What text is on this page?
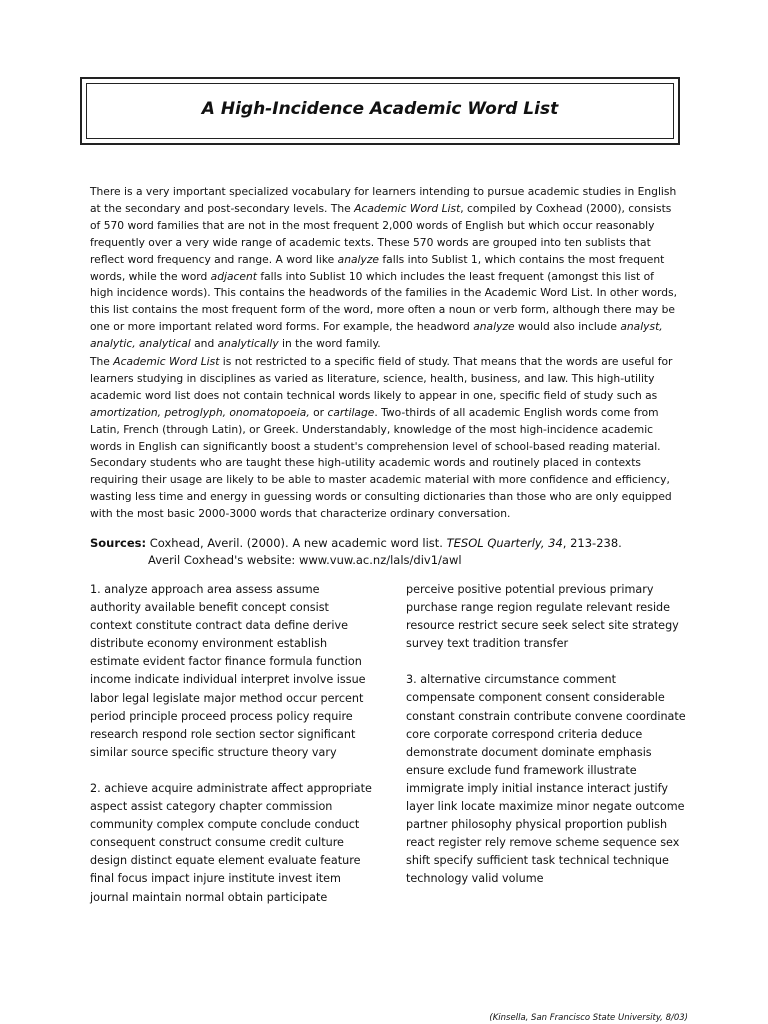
A High-Incidence Academic Word List

There is a very important specialized vocabulary for learners intending to pursue academic studies in English at the secondary and post-secondary levels. The Academic Word List, compiled by Coxhead (2000), consists of 570 word families that are not in the most frequent 2,000 words of English but which occur reasonably frequently over a very wide range of academic texts. These 570 words are grouped into ten sublists that reflect word frequency and range. A word like analyze falls into Sublist 1, which contains the most frequent words, while the word adjacent falls into Sublist 10 which includes the least frequent (amongst this list of high incidence words). This contains the headwords of the families in the Academic Word List. In other words, this list contains the most frequent form of the word, more often a noun or verb form, although there may be one or more important related word forms. For example, the headword analyze would also include analyst, analytic, analytical and analytically in the word family.

The Academic Word List is not restricted to a specific field of study. That means that the words are useful for learners studying in disciplines as varied as literature, science, health, business, and law. This high-utility academic word list does not contain technical words likely to appear in one, specific field of study such as amortization, petroglyph, onomatopoeia, or cartilage. Two-thirds of all academic English words come from Latin, French (through Latin), or Greek. Understandably, knowledge of the most high-incidence academic words in English can significantly boost a student's comprehension level of school-based reading material. Secondary students who are taught these high-utility academic words and routinely placed in contexts requiring their usage are likely to be able to master academic material with more confidence and efficiency, wasting less time and energy in guessing words or consulting dictionaries than those who are only equipped with the most basic 2000-3000 words that characterize ordinary conversation.

Sources: Coxhead, Averil. (2000). A new academic word list. TESOL Quarterly, 34, 213-238.
Averil Coxhead's website: www.vuw.ac.nz/lals/div1/awl

1. analyze approach area assess assume authority available benefit concept consist context constitute contract data define derive distribute economy environment establish estimate evident factor finance formula function income indicate individual interpret involve issue labor legal legislate major method occur percent period principle proceed process policy require research respond role section sector significant similar source specific structure theory vary

2. achieve acquire administrate affect appropriate aspect assist category chapter commission community complex compute conclude conduct consequent construct consume credit culture design distinct equate element evaluate feature final focus impact injure institute invest item journal maintain normal obtain participate

perceive positive potential previous primary purchase range region regulate relevant reside resource restrict secure seek select site strategy survey text tradition transfer

3. alternative circumstance comment compensate component consent considerable constant constrain contribute convene coordinate core corporate correspond criteria deduce demonstrate document dominate emphasis ensure exclude fund framework illustrate immigrate imply initial instance interact justify layer link locate maximize minor negate outcome partner philosophy physical proportion publish react register rely remove scheme sequence sex shift specify sufficient task technical technique technology valid volume

(Kinsella, San Francisco State University, 8/03)
